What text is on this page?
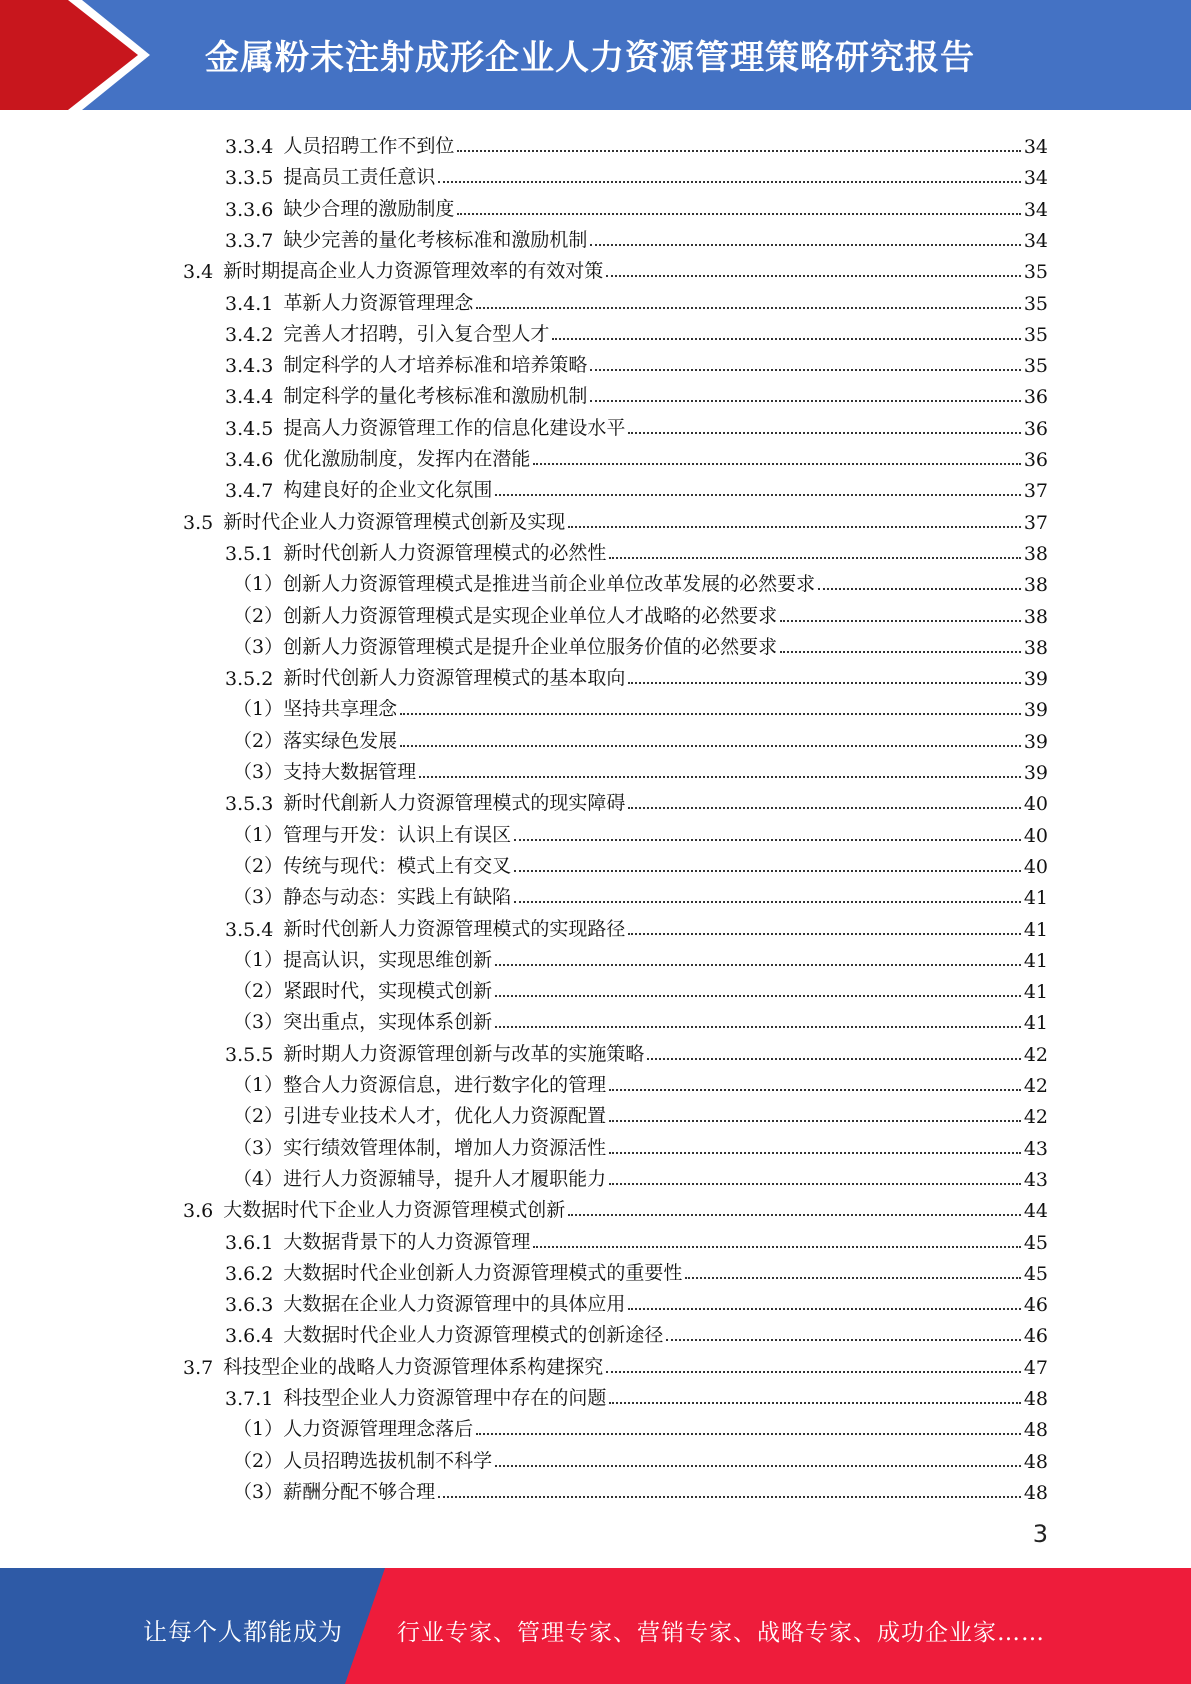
金属粉末注射成形企业人力资源管理策略研究报告
3.3.4 人员招聘工作不到位	34
3.3.5 提高员工责任意识	34
3.3.6 缺少合理的激励制度	34
3.3.7 缺少完善的量化考核标准和激励机制	34
3.4 新时期提高企业人力资源管理效率的有效对策	35
3.4.1 革新人力资源管理理念	35
3.4.2 完善人才招聘，引入复合型人才	35
3.4.3 制定科学的人才培养标准和培养策略	35
3.4.4 制定科学的量化考核标准和激励机制	36
3.4.5 提高人力资源管理工作的信息化建设水平	36
3.4.6 优化激励制度，发挥内在潜能	36
3.4.7 构建良好的企业文化氛围	37
3.5 新时代企业人力资源管理模式创新及实现	37
3.5.1 新时代创新人力资源管理模式的必然性	38
（1）创新人力资源管理模式是推进当前企业单位改革发展的必然要求	38
（2）创新人力资源管理模式是实现企业单位人才战略的必然要求	38
（3）创新人力资源管理模式是提升企业单位服务价值的必然要求	38
3.5.2 新时代创新人力资源管理模式的基本取向	39
（1）坚持共享理念	39
（2）落实绿色发展	39
（3）支持大数据管理	39
3.5.3 新时代創新人力资源管理模式的现实障碍	40
（1）管理与开发：认识上有误区	40
（2）传统与现代：模式上有交叉	40
（3）静态与动态：实践上有缺陷	41
3.5.4 新时代创新人力资源管理模式的实现路径	41
（1）提高认识，实现思维创新	41
（2）紧跟时代，实现模式创新	41
（3）突出重点，实现体系创新	41
3.5.5 新时期人力资源管理创新与改革的实施策略	42
（1）整合人力资源信息，进行数字化的管理	42
（2）引进专业技术人才，优化人力资源配置	42
（3）实行绩效管理体制，增加人力资源活性	43
（4）进行人力资源辅导，提升人才履职能力	43
3.6 大数据时代下企业人力资源管理模式创新	44
3.6.1 大数据背景下的人力资源管理	45
3.6.2 大数据时代企业创新人力资源管理模式的重要性	45
3.6.3 大数据在企业人力资源管理中的具体应用	46
3.6.4 大数据时代企业人力资源管理模式的创新途径	46
3.7 科技型企业的战略人力资源管理体系构建探究	47
3.7.1 科技型企业人力资源管理中存在的问题	48
（1）人力资源管理理念落后	48
（2）人员招聘选拔机制不科学	48
（3）薪酬分配不够合理	48
3
让每个人都能成为 行业专家、管理专家、营销专家、战略专家、成功企业家……
